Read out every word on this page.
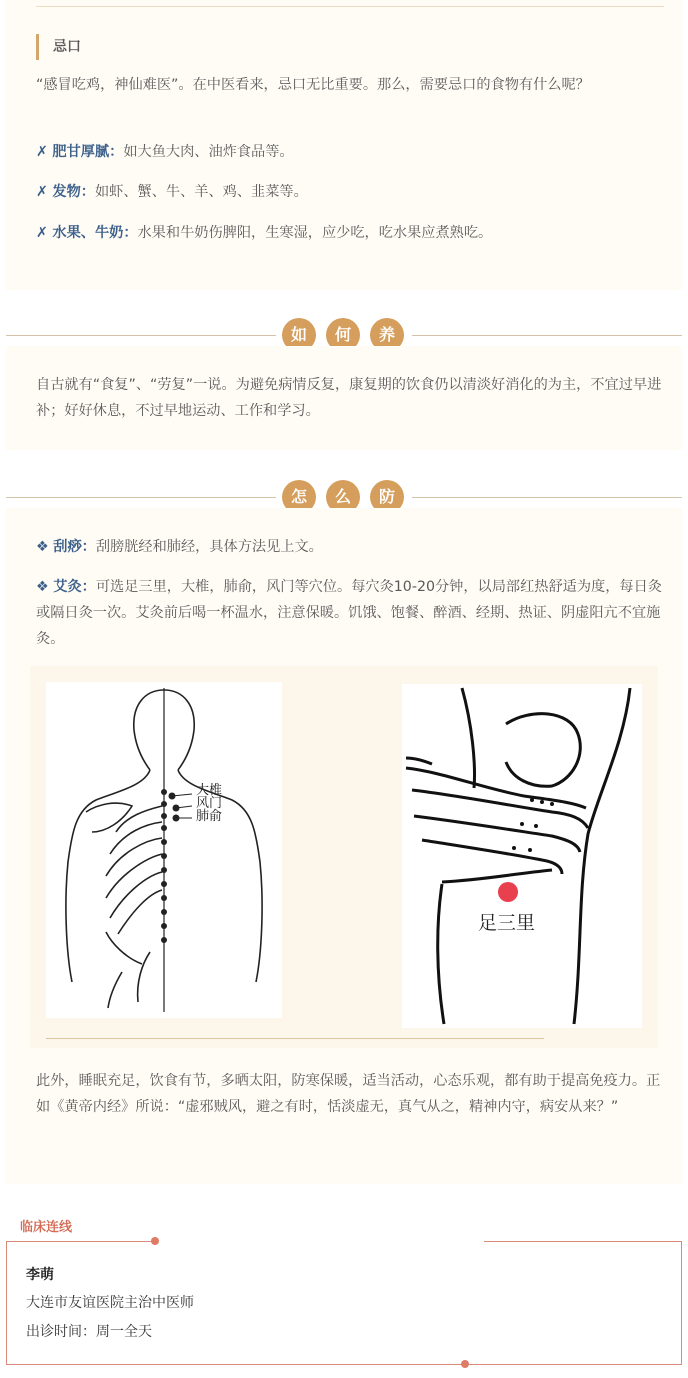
忌口
“感冒吃鸡，神仙难医”。在中医看来，忌口无比重要。那么，需要忌口的食物有什么呢？
✗ 肥甘厚腻：如大鱼大肉、油炸食品等。
✗ 发物：如虾、蟹、牛、羊、鸡、韭菜等。
✗ 水果、牛奶：水果和牛奶伤脾阳，生寒湿，应少吃，吃水果应煮熟吃。
如	何	养
自古就有“食复”、“劳复”一说。为避免病情反复，康复期的饮食仍以清淡好消化的为主，不宜过早进补；好好休息，不过早地运动、工作和学习。
怎	么	防
❖ 刮痧：刮膀胱经和肺经，具体方法见上文。
❖ 艾灸：可选足三里，大椎，肺俞，风门等穴位。每穴灸10-20分钟，以局部红热舒适为度，每日灸或隔日灸一次。艾灸前后喝一杯温水，注意保暖。饥饿、饱餐、醉酒、经期、热证、阴虚阳亢不宜施灸。
此外，睡眠充足，饮食有节，多晒太阳，防寒保暖，适当活动，心态乐观，都有助于提高免疫力。正如《黄帝内经》所说：“虚邪贼风，避之有时，恬淡虚无，真气从之，精神内守，病安从来？”
大椎
风门
肺俞
足三里
临床连线
李萌
大连市友谊医院主治中医师
出诊时间：周一全天
